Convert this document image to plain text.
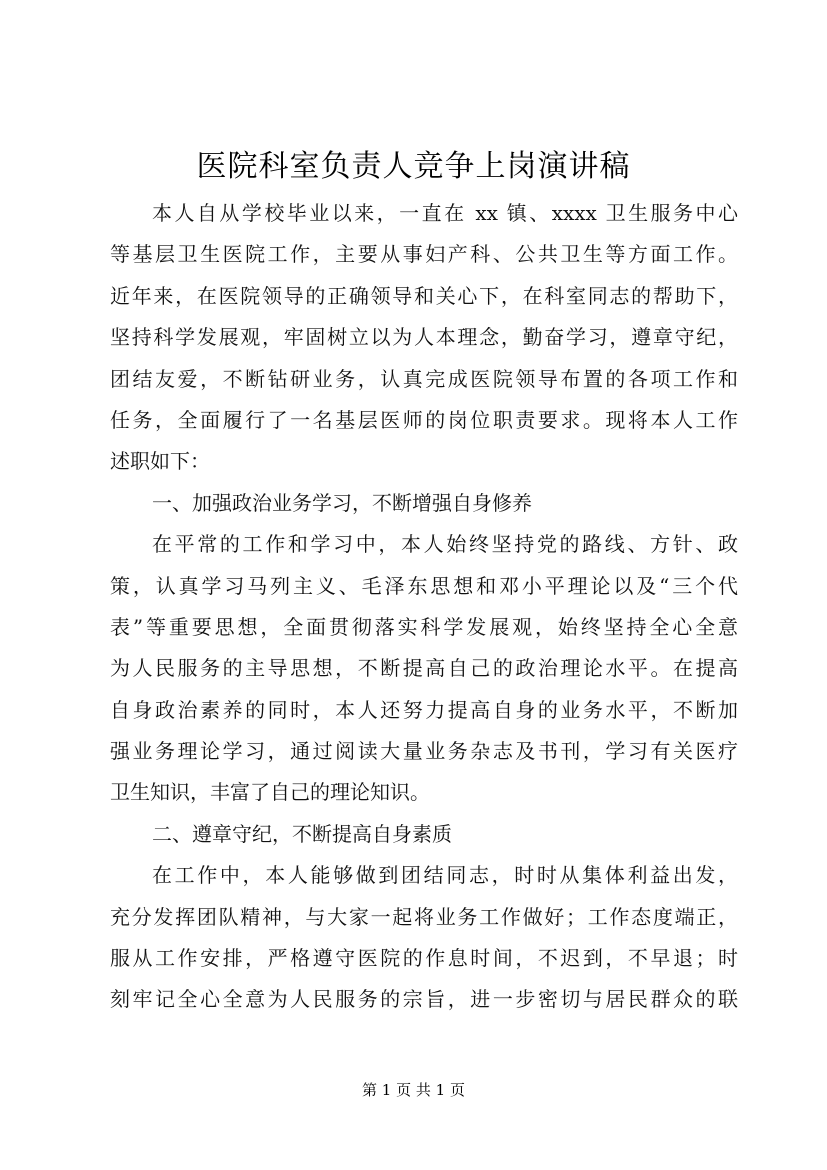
医院科室负责人竞争上岗演讲稿
本人自从学校毕业以来，一直在 xx 镇、xxxx 卫生服务中心
等基层卫生医院工作，主要从事妇产科、公共卫生等方面工作。
近年来，在医院领导的正确领导和关心下，在科室同志的帮助下，
坚持科学发展观，牢固树立以为人本理念，勤奋学习，遵章守纪，
团结友爱，不断钻研业务，认真完成医院领导布置的各项工作和
任务，全面履行了一名基层医师的岗位职责要求。现将本人工作
述职如下：
一、加强政治业务学习，不断增强自身修养
在平常的工作和学习中，本人始终坚持党的路线、方针、政
策，认真学习马列主义、毛泽东思想和邓小平理论以及“三个代
表”等重要思想，全面贯彻落实科学发展观，始终坚持全心全意
为人民服务的主导思想，不断提高自己的政治理论水平。在提高
自身政治素养的同时，本人还努力提高自身的业务水平，不断加
强业务理论学习，通过阅读大量业务杂志及书刊，学习有关医疗
卫生知识，丰富了自己的理论知识。
二、遵章守纪，不断提高自身素质
在工作中，本人能够做到团结同志，时时从集体利益出发，
充分发挥团队精神，与大家一起将业务工作做好；工作态度端正，
服从工作安排，严格遵守医院的作息时间，不迟到，不早退；时
刻牢记全心全意为人民服务的宗旨，进一步密切与居民群众的联
第 1 页 共 1 页
